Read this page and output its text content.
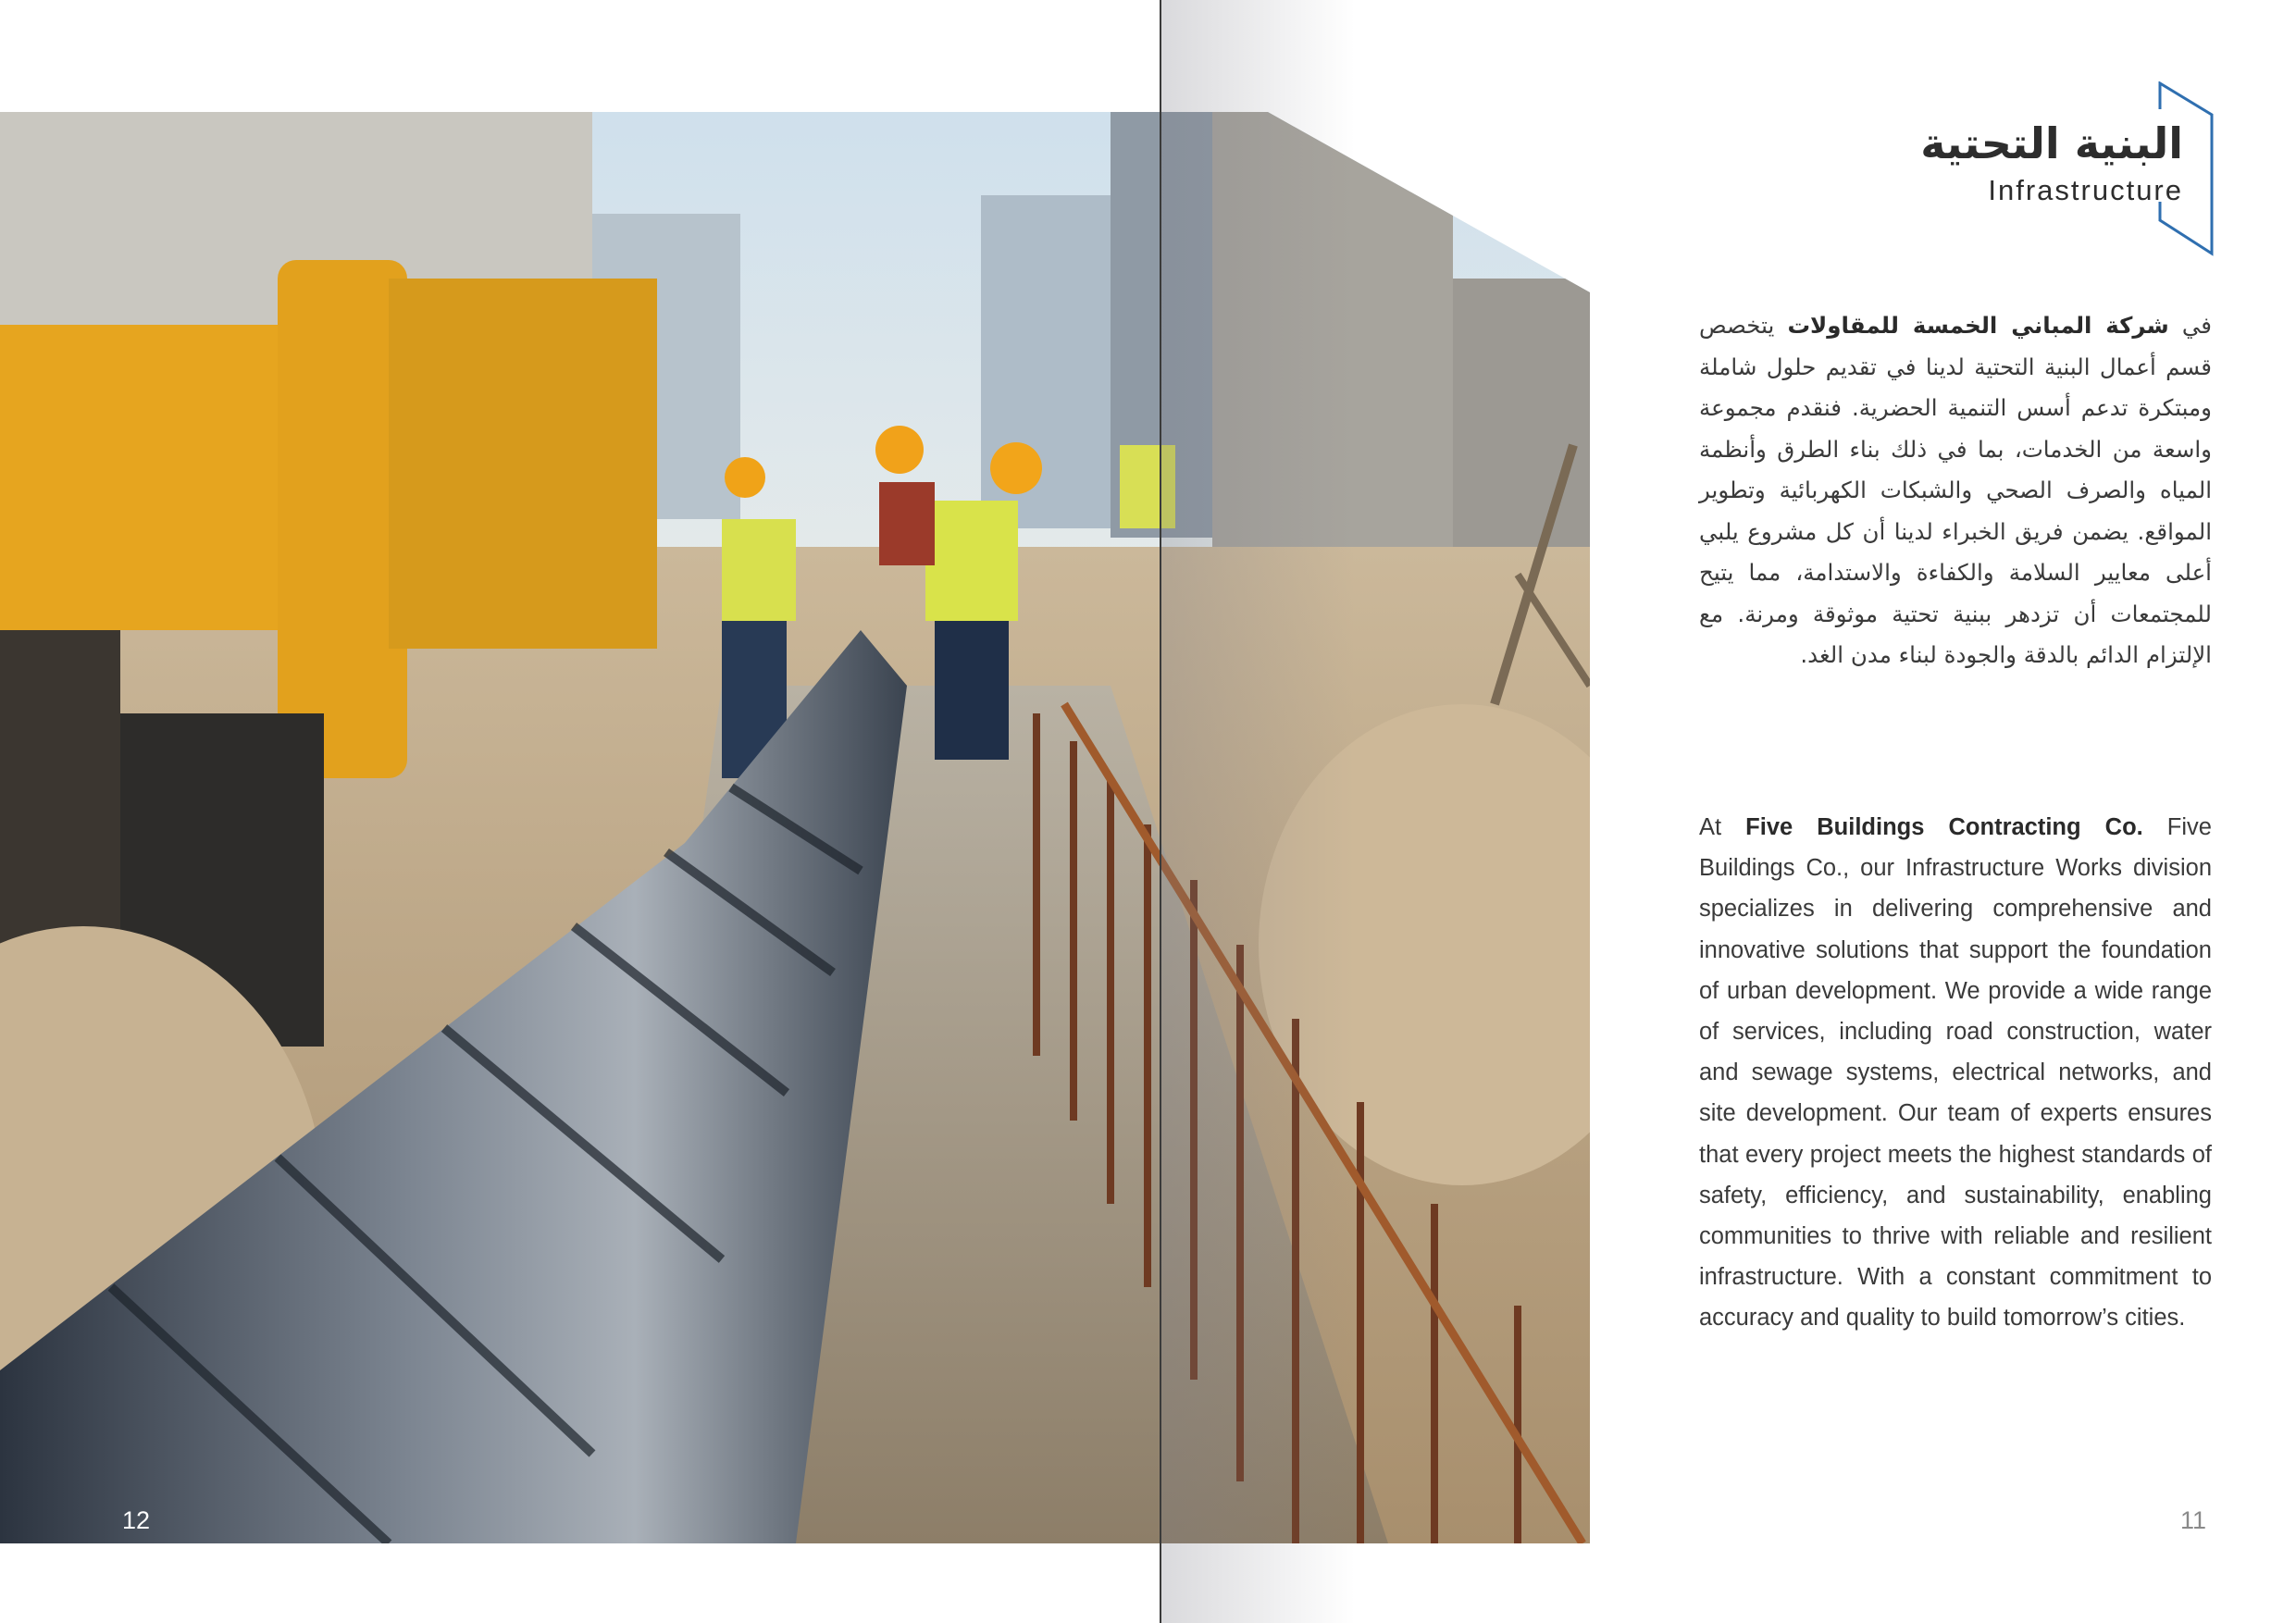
12	11
البنية التحتية
Infrastructure
في شركة المباني الخمسة للمقاولات يتخصص قسم أعمال البنية التحتية لدينا في تقديم حلول شاملة ومبتكرة تدعم أسس التنمية الحضرية. فنقدم مجموعة واسعة من الخدمات، بما في ذلك بناء الطرق وأنظمة المياه والصرف الصحي والشبكات الكهربائية وتطوير المواقع. يضمن فريق الخبراء لدينا أن كل مشروع يلبي أعلى معايير السلامة والكفاءة والاستدامة، مما يتيح للمجتمعات أن تزدهر ببنية تحتية موثوقة ومرنة. مع الإلتزام الدائم بالدقة والجودة لبناء مدن الغد.
At Five Buildings Contracting Co. Five Buildings Co., our Infrastructure Works division specializes in delivering comprehensive and innovative solutions that support the foundation of urban development. We provide a wide range of services, including road construction, water and sewage systems, electrical networks, and site development. Our team of experts ensures that every project meets the highest standards of safety, efficiency, and sustainability, enabling communities to thrive with reliable and resilient infrastructure. With a constant commitment to accuracy and quality to build tomorrow’s cities.
